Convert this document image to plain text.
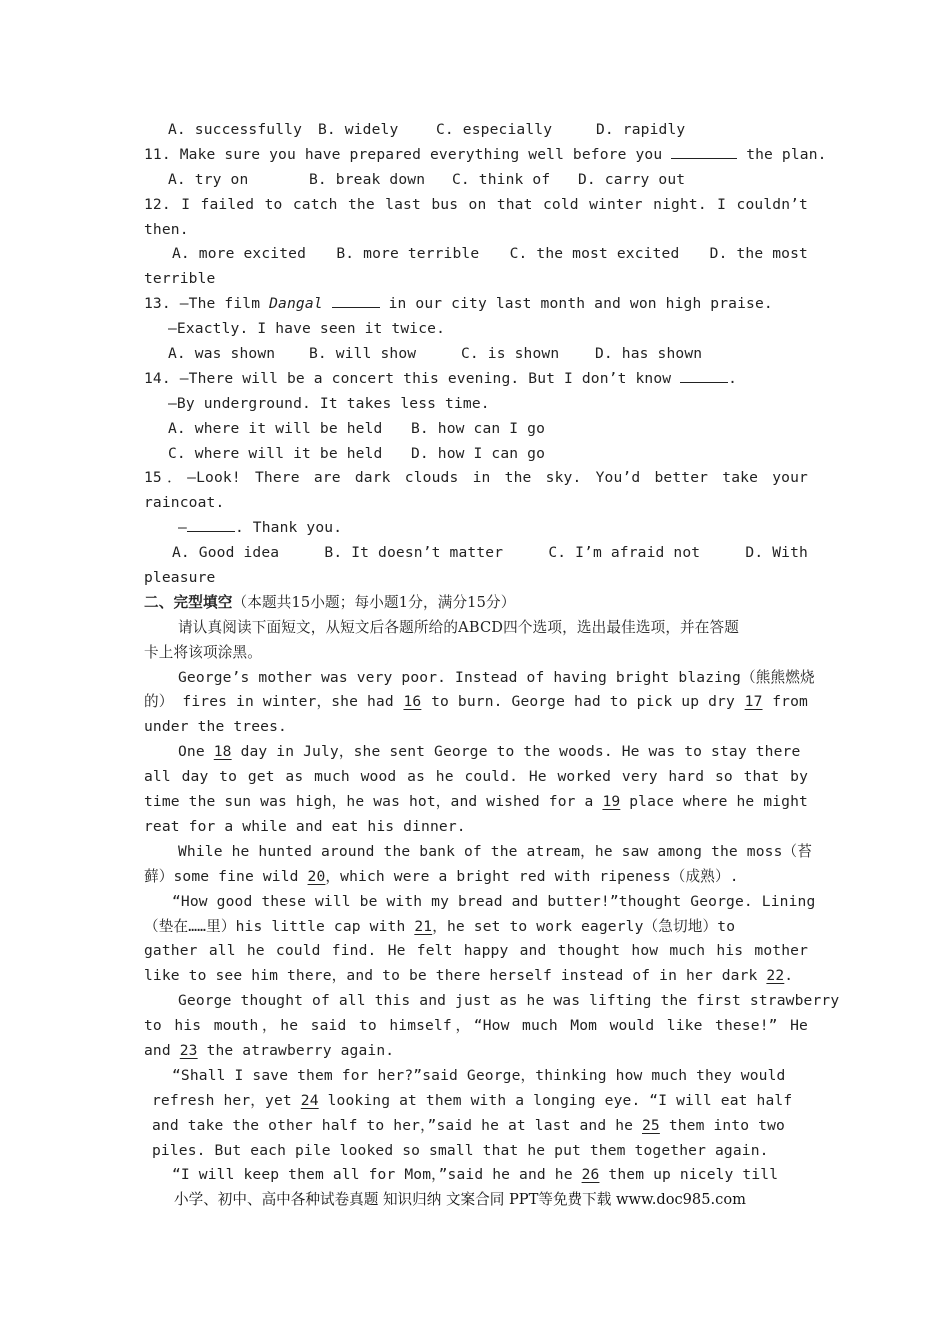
A. successfully B. widely	C. especially	D. rapidly
11. Make sure you have prepared everything well before you	the plan.
A. try on	B. break down C. think of D. carry out
12. I failed to catch the last bus on that cold winter night. I couldn’t
then.
A. more excited B. more terrible C. the most excited D. the most
terrible
13. —The film Dangal	in our city last month and won high praise.
—Exactly. I have seen it twice.
A. was shown B. will show	C. is shown D. has shown
14. —There will be a concert this evening. But I don’t know	.
—By underground. It takes less time.
A. where it will be held B. how can I go
C. where will it be held D. how I can go
15．—Look! There are dark clouds in the sky. You’d better take your
raincoat.
—	. Thank you.
A. Good idea	B. It doesn’t matter	C. I’m afraid not	D. With
pleasure
二、完型填空（本题共15小题；每小题1分，满分15分）
请认真阅读下面短文，从短文后各题所给的ABCD四个选项，选出最佳选项，并在答题
卡上将该项涂黑。
George’s mother was very poor. Instead of having bright blazing（熊熊燃烧
的） fires in winter，she had 16 to burn. George had to pick up dry 17 from
under the trees.
One 18 day in July，she sent George to the woods. He was to stay there
all day to get as much wood as he could. He worked very hard so that by
time the sun was high，he was hot，and wished for a 19 place where he might
reat for a while and eat his dinner.
While he hunted around the bank of the atream，he saw among the moss（苔
藓）some fine wild 20，which were a bright red with ripeness（成熟）.
“How good these will be with my bread and butter!”thought George. Lining
（垫在……里）his little cap with 21，he set to work eagerly（急切地）to
gather all he could find. He felt happy and thought how much his mother
like to see him there，and to be there herself instead of in her dark 22.
George thought of all this and just as he was lifting the first strawberry
to his mouth，he said to himself，“How much Mom would like these!” He
and 23 the atrawberry again.
“Shall I save them for her?”said George，thinking how much they would
refresh her，yet 24 looking at them with a longing eye. “I will eat half
and take the other half to her，”said he at last and he 25 them into two
piles. But each pile looked so small that he put them together again.
“I will keep them all for Mom，”said he and he 26 them up nicely till
小学、初中、高中各种试卷真题 知识归纳 文案合同 PPT等免费下载 www.doc985.com
